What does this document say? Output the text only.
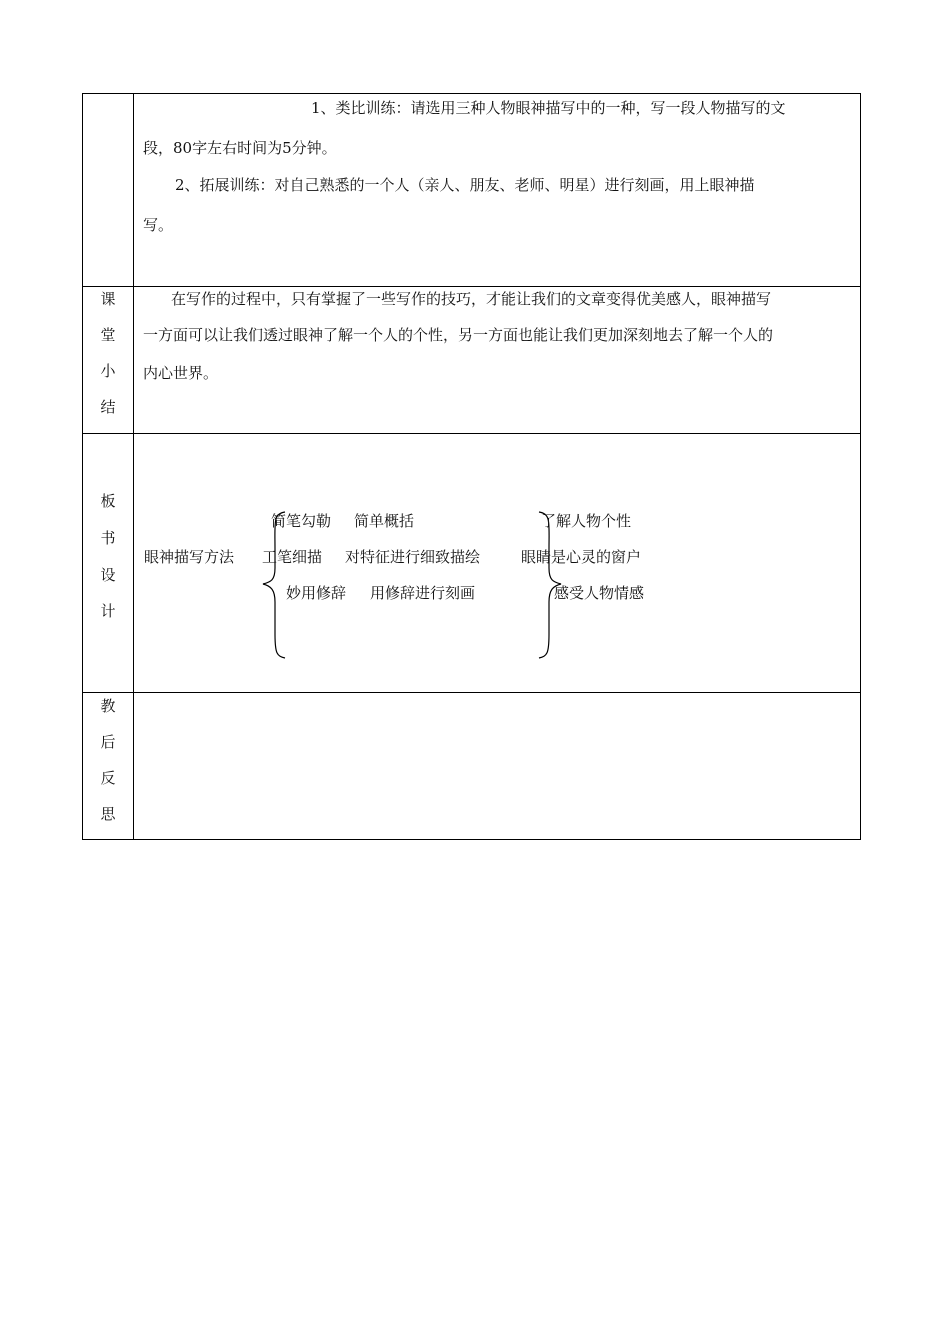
1、类比训练：请选用三种人物眼神描写中的一种，写一段人物描写的文
段，80字左右时间为5分钟。
2、拓展训练：对自己熟悉的一个人（亲人、朋友、老师、明星）进行刻画，用上眼神描
写。
课
堂
小
结
在写作的过程中，只有掌握了一些写作的技巧，才能让我们的文章变得优美感人，眼神描写
一方面可以让我们透过眼神了解一个人的个性，另一方面也能让我们更加深刻地去了解一个人的
内心世界。
板
书
设
计
眼神描写方法
简笔勾勒 简单概括
工笔细描 对特征进行细致描绘
妙用修辞 用修辞进行刻画
眼睛是心灵的窗户
了解人物个性
感受人物情感
教
后
反
思
